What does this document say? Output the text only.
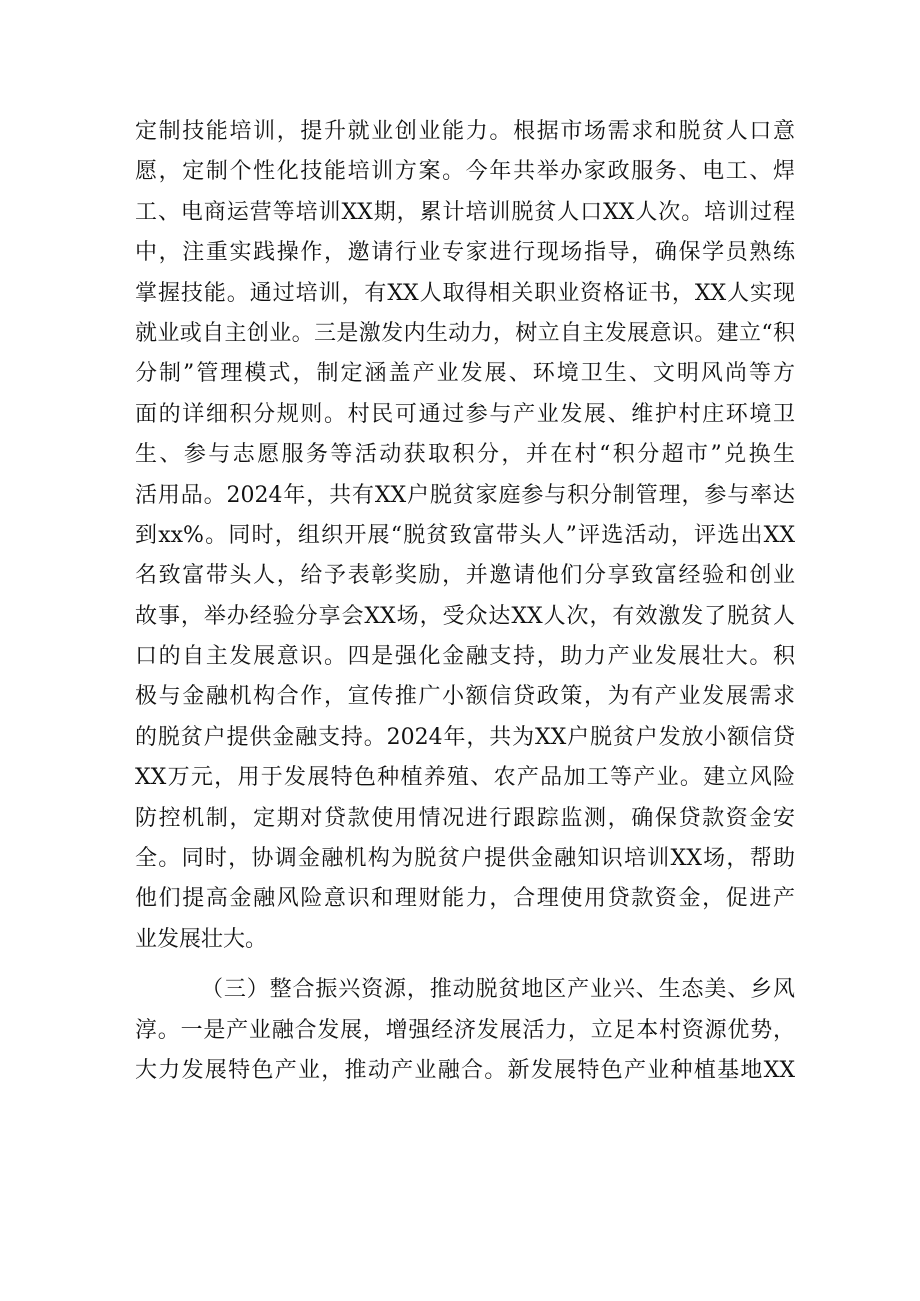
定制技能培训，提升就业创业能力。根据市场需求和脱贫人口意
愿，定制个性化技能培训方案。今年共举办家政服务、电工、焊
工、电商运营等培训XX期，累计培训脱贫人口XX人次。培训过程
中，注重实践操作，邀请行业专家进行现场指导，确保学员熟练
掌握技能。通过培训，有XX人取得相关职业资格证书，XX人实现
就业或自主创业。三是激发内生动力，树立自主发展意识。建立“积
分制”管理模式，制定涵盖产业发展、环境卫生、文明风尚等方
面的详细积分规则。村民可通过参与产业发展、维护村庄环境卫
生、参与志愿服务等活动获取积分，并在村“积分超市”兑换生
活用品。2024年，共有XX户脱贫家庭参与积分制管理，参与率达
到xx%。同时，组织开展“脱贫致富带头人”评选活动，评选出XX
名致富带头人，给予表彰奖励，并邀请他们分享致富经验和创业
故事，举办经验分享会XX场，受众达XX人次，有效激发了脱贫人
口的自主发展意识。四是强化金融支持，助力产业发展壮大。积
极与金融机构合作，宣传推广小额信贷政策，为有产业发展需求
的脱贫户提供金融支持。2024年，共为XX户脱贫户发放小额信贷
XX万元，用于发展特色种植养殖、农产品加工等产业。建立风险
防控机制，定期对贷款使用情况进行跟踪监测，确保贷款资金安
全。同时，协调金融机构为脱贫户提供金融知识培训XX场，帮助
他们提高金融风险意识和理财能力，合理使用贷款资金，促进产
业发展壮大。
（三）整合振兴资源，推动脱贫地区产业兴、生态美、乡风
淳。一是产业融合发展，增强经济发展活力，立足本村资源优势，
大力发展特色产业，推动产业融合。新发展特色产业种植基地XX
